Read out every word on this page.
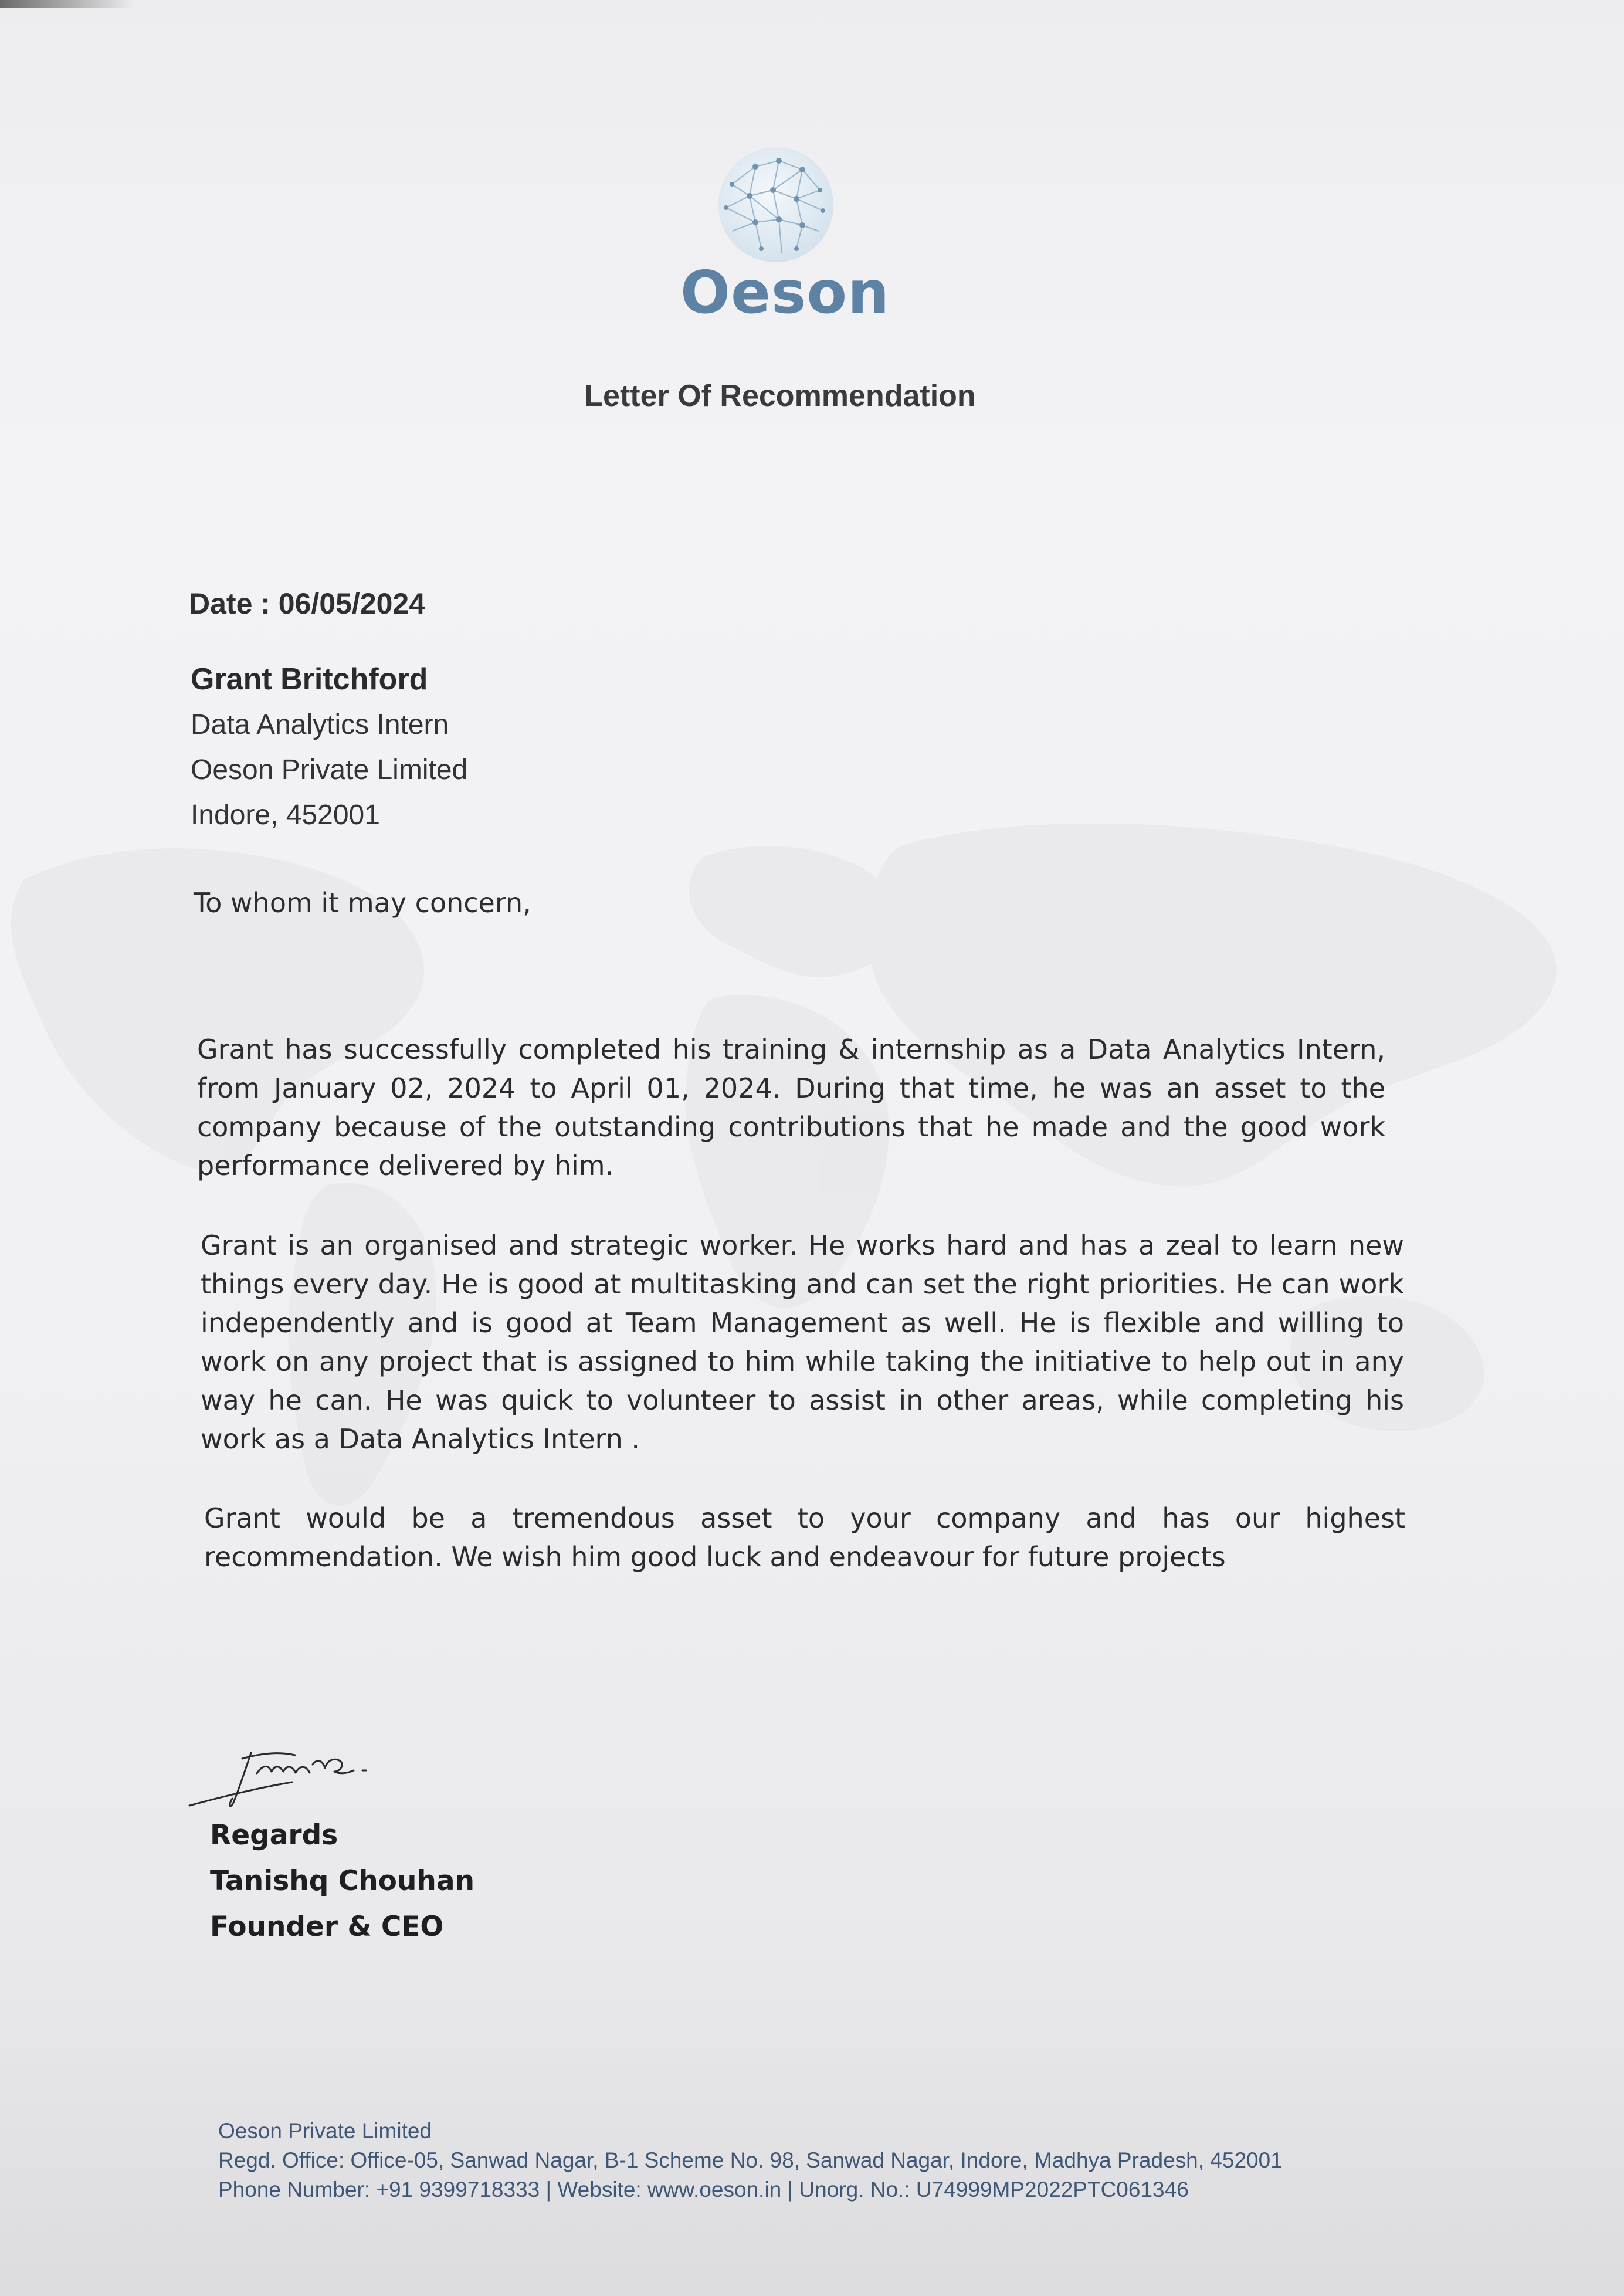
Oeson
Letter Of Recommendation
Date : 06/05/2024
Grant Britchford
Data Analytics Intern
Oeson Private Limited
Indore, 452001
To whom it may concern,
Grant has successfully completed his training & internship as a Data Analytics Intern, from January 02, 2024 to April 01, 2024. During that time, he was an asset to the company because of the outstanding contributions that he made and the good work performance delivered by him.
Grant is an organised and strategic worker. He works hard and has a zeal to learn new things every day. He is good at multitasking and can set the right priorities. He can work independently and is good at Team Management as well. He is flexible and willing to work on any project that is assigned to him while taking the initiative to help out in any way he can. He was quick to volunteer to assist in other areas, while completing his work as a Data Analytics Intern .
Grant would be a tremendous asset to your company and has our highest recommendation. We wish him good luck and endeavour for future projects
Regards
Tanishq Chouhan
Founder & CEO
Oeson Private Limited
Regd. Office: Office-05, Sanwad Nagar, B-1 Scheme No. 98, Sanwad Nagar, Indore, Madhya Pradesh, 452001
Phone Number: +91 9399718333 | Website: www.oeson.in | Unorg. No.: U74999MP2022PTC061346
